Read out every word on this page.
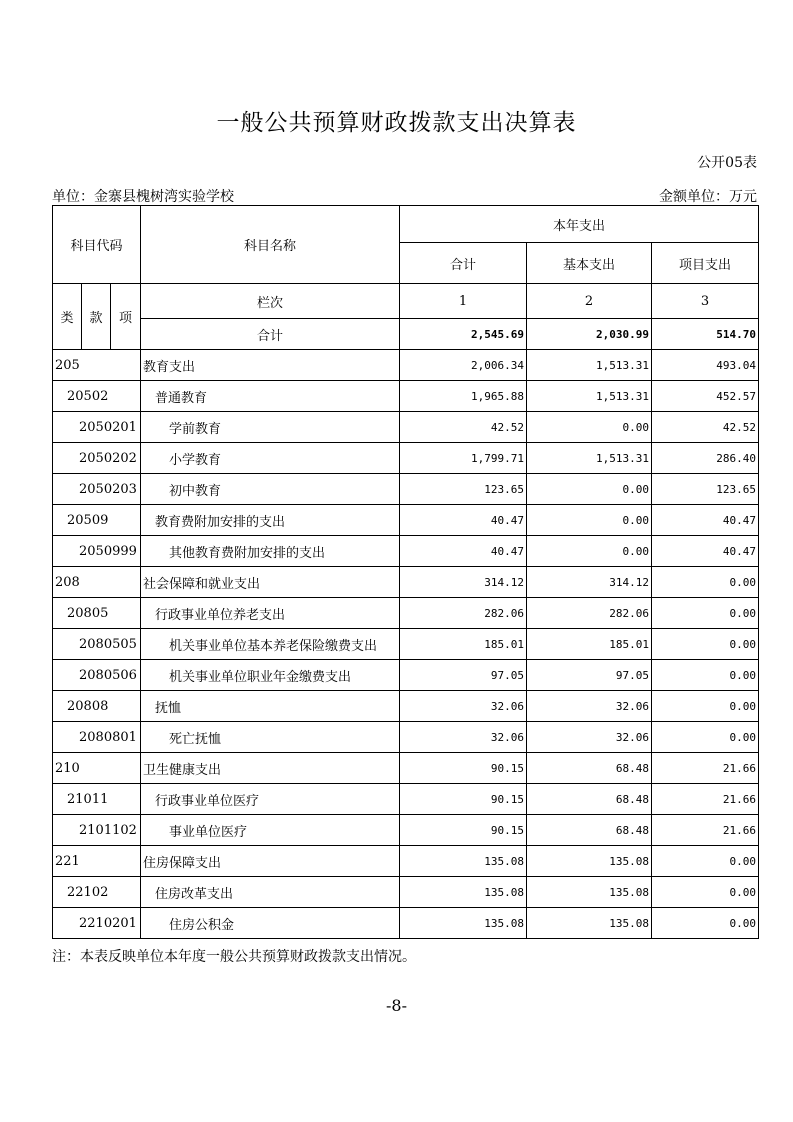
一般公共预算财政拨款支出决算表
公开05表
单位：金寨县槐树湾实验学校	金额单位：万元
科目代码			科目名称	本年支出		
				合计	基本支出	项目支出
类	款	项	栏次	1	2	3
			合计	2,545.69	2,030.99	514.70
205			教育支出	2,006.34	1,513.31	493.04
20502			普通教育	1,965.88	1,513.31	452.57
2050201			学前教育	42.52	0.00	42.52
2050202			小学教育	1,799.71	1,513.31	286.40
2050203			初中教育	123.65	0.00	123.65
20509			教育费附加安排的支出	40.47	0.00	40.47
2050999			其他教育费附加安排的支出	40.47	0.00	40.47
208			社会保障和就业支出	314.12	314.12	0.00
20805			行政事业单位养老支出	282.06	282.06	0.00
2080505			机关事业单位基本养老保险缴费支出	185.01	185.01	0.00
2080506			机关事业单位职业年金缴费支出	97.05	97.05	0.00
20808			抚恤	32.06	32.06	0.00
2080801			死亡抚恤	32.06	32.06	0.00
210			卫生健康支出	90.15	68.48	21.66
21011			行政事业单位医疗	90.15	68.48	21.66
2101102			事业单位医疗	90.15	68.48	21.66
221			住房保障支出	135.08	135.08	0.00
22102			住房改革支出	135.08	135.08	0.00
2210201			住房公积金	135.08	135.08	0.00
注：本表反映单位本年度一般公共预算财政拨款支出情况。
-8-
